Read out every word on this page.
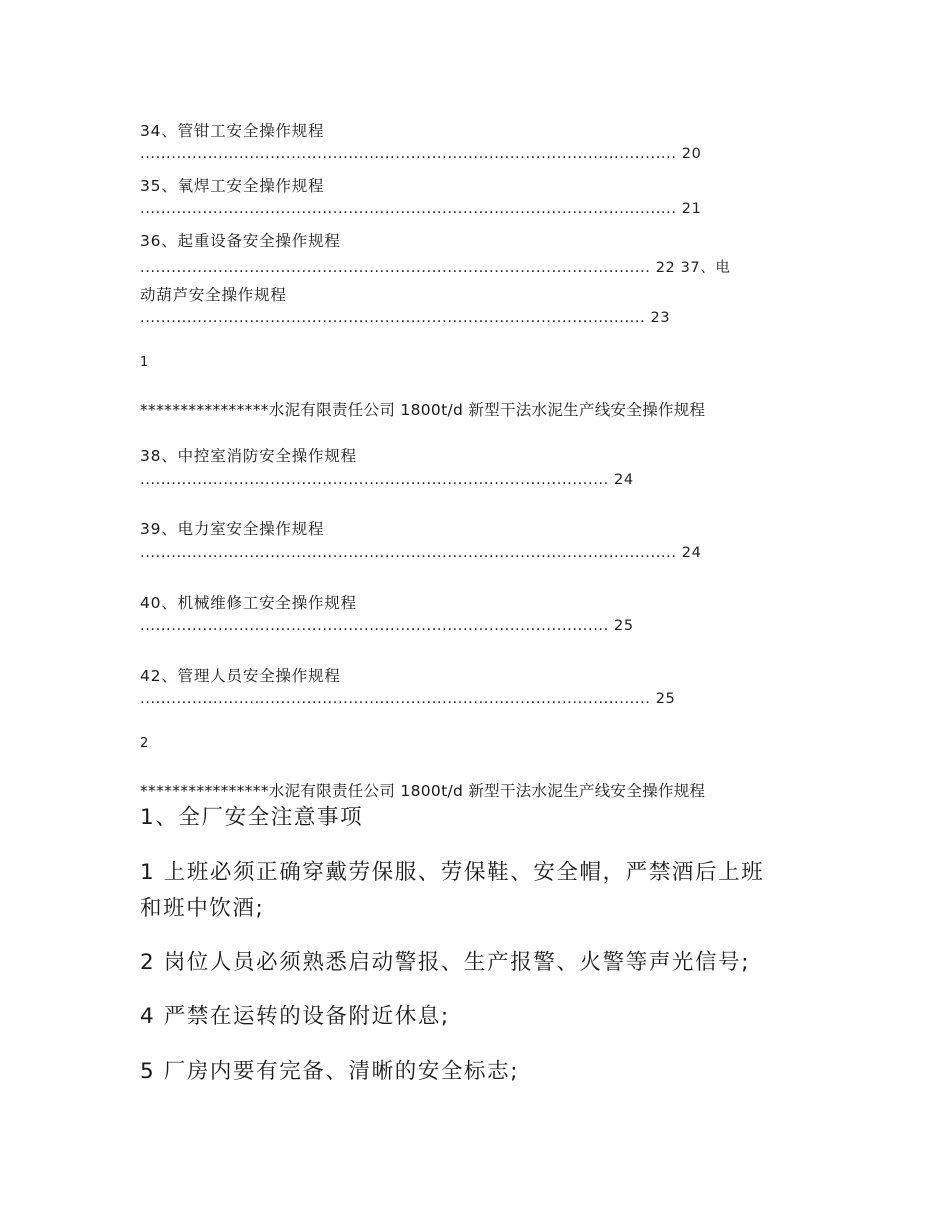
34、管钳工安全操作规程
....................................................................................................... 20
35、氧焊工安全操作规程
....................................................................................................... 21
36、起重设备安全操作规程
.................................................................................................. 22 37、电
动葫芦安全操作规程
................................................................................................. 23
1
****************水泥有限责任公司 1800t/d 新型干法水泥生产线安全操作规程
38、中控室消防安全操作规程
.......................................................................................... 24
39、电力室安全操作规程
....................................................................................................... 24
40、机械维修工安全操作规程
.......................................................................................... 25
42、管理人员安全操作规程
.................................................................................................. 25
2
****************水泥有限责任公司 1800t/d 新型干法水泥生产线安全操作规程
1、全厂安全注意事项
1 上班必须正确穿戴劳保服、劳保鞋、安全帽，严禁酒后上班
和班中饮酒;
2 岗位人员必须熟悉启动警报、生产报警、火警等声光信号;
4 严禁在运转的设备附近休息;
5 厂房内要有完备、清晰的安全标志;
